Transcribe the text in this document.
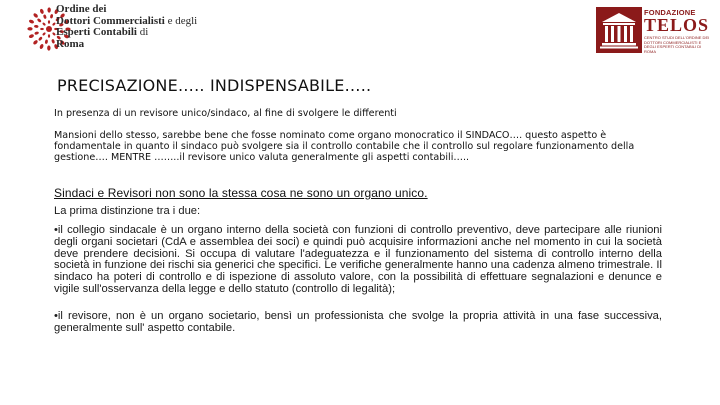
Ordine dei
Dottori Commercialisti e degli
Esperti Contabili di
Roma
FONDAZIONE
TELOS
CENTRO STUDI DELL'ORDINE DEI DOTTORI COMMERCIALISTI E DEGLI ESPERTI CONTABILI DI ROMA
PRECISAZIONE….. INDISPENSABILE…..
In presenza di un revisore unico/sindaco, al fine di svolgere le differenti
Mansioni dello stesso, sarebbe bene che fosse nominato come organo monocratico il SINDACO…. questo aspetto è fondamentale in quanto il sindaco può svolgere sia il controllo contabile che il controllo sul regolare funzionamento della gestione…. MENTRE ……..il revisore unico valuta generalmente gli aspetti contabili…..
Sindaci e Revisori non sono la stessa cosa ne sono un organo unico.
La prima distinzione tra i due:
•il collegio sindacale è un organo interno della società con funzioni di controllo preventivo, deve partecipare alle riunioni degli organi societari (CdA e assemblea dei soci) e quindi può acquisire informazioni anche nel momento in cui la società deve prendere decisioni. Si occupa di valutare l'adeguatezza e il funzionamento del sistema di controllo interno della società in funzione dei rischi sia generici che specifici. Le verifiche generalmente hanno una cadenza almeno trimestrale. Il sindaco ha poteri di controllo e di ispezione di assoluto valore, con la possibilità di effettuare segnalazioni e denunce e vigile sull'osservanza della legge e dello statuto (controllo di legalità);
•il revisore, non è un organo societario, bensì un professionista che svolge la propria attività in una fase successiva, generalmente sull' aspetto contabile.
